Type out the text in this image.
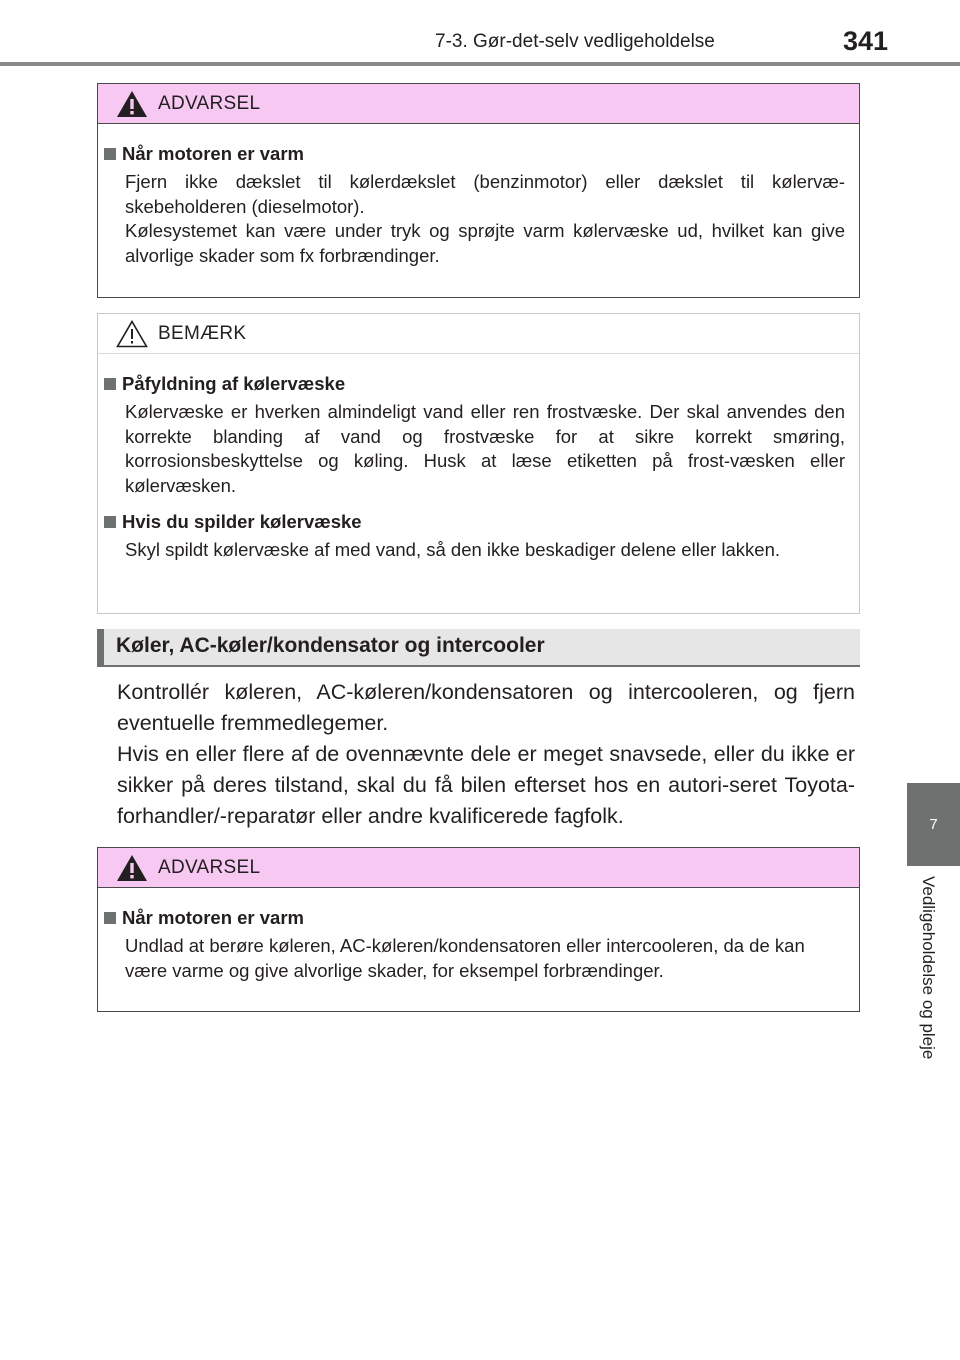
7-3. Gør-det-selv vedligeholdelse	341
7
Vedligeholdelse og pleje
ADVARSEL
Når motoren er varm
Fjern ikke dækslet til kølerdækslet (benzinmotor) eller dækslet til kølervæ-skebeholderen (dieselmotor).
Kølesystemet kan være under tryk og sprøjte varm kølervæske ud, hvilket kan give alvorlige skader som fx forbrændinger.
BEMÆRK
Påfyldning af kølervæske
Kølervæske er hverken almindeligt vand eller ren frostvæske. Der skal anvendes den korrekte blanding af vand og frostvæske for at sikre korrekt smøring, korrosionsbeskyttelse og køling. Husk at læse etiketten på frost-væsken eller kølervæsken.
Hvis du spilder kølervæske
Skyl spildt kølervæske af med vand, så den ikke beskadiger delene eller lakken.
Køler, AC-køler/kondensator og intercooler

Kontrollér køleren, AC-køleren/kondensatoren og intercooleren, og fjern eventuelle fremmedlegemer.

Hvis en eller flere af de ovennævnte dele er meget snavsede, eller du ikke er sikker på deres tilstand, skal du få bilen efterset hos en autori-seret Toyota-forhandler/-reparatør eller andre kvalificerede fagfolk.

ADVARSEL
Når motoren er varm
Undlad at berøre køleren, AC-køleren/kondensatoren eller intercooleren, da de kan være varme og give alvorlige skader, for eksempel forbrændinger.
